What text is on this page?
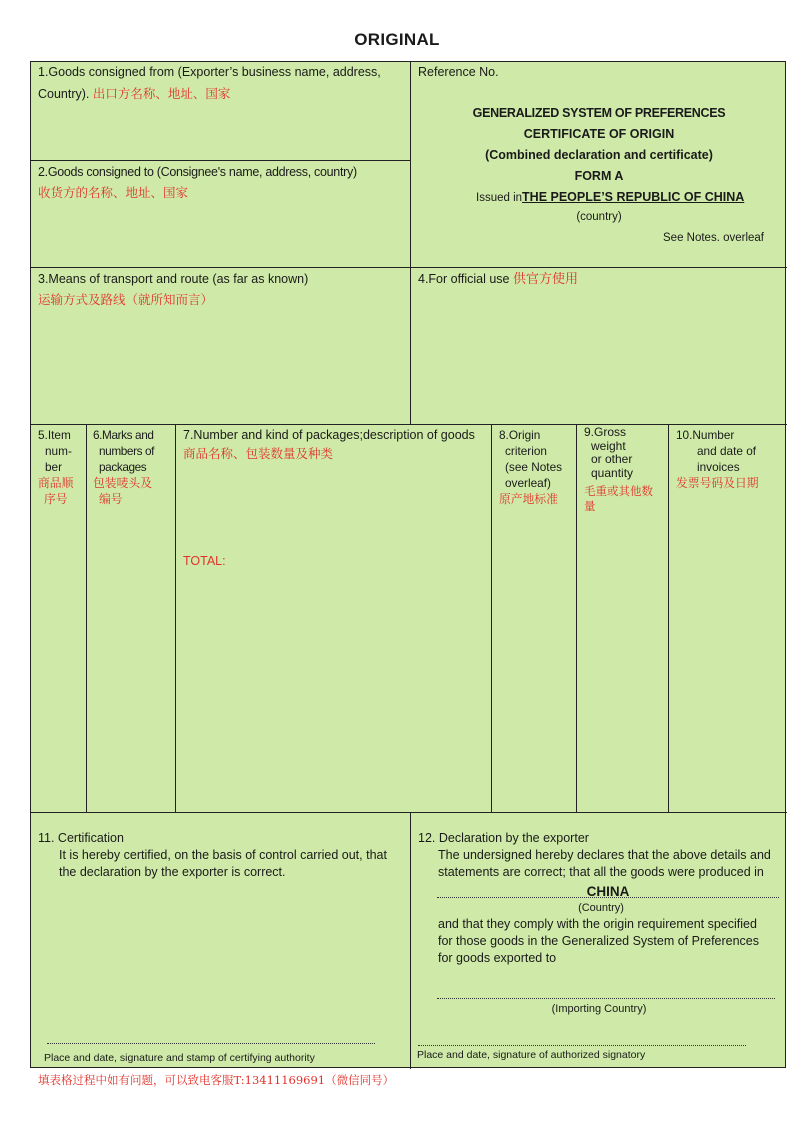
ORIGINAL
1.Goods consigned from (Exporter’s business name, address,
Country). 出口方名称、地址、国家
2.Goods consigned to (Consignee's name, address, country)
收货方的名称、地址、国家
Reference No.
GENERALIZED SYSTEM OF PREFERENCES
CERTIFICATE OF ORIGIN
(Combined declaration and certificate)
FORM A
Issued inTHE PEOPLE’S REPUBLIC OF CHINA
(country)
See Notes. overleaf
3.Means of transport and route (as far as known)
运输方式及路线（就所知而言）
4.For official use 供官方使用
5.Item
num-
ber
商品顺
序号
6.Marks and
numbers of
packages
包装唛头及
编号
7.Number and kind of packages;description of goods
商品名称、包装数量及种类
TOTAL:
8.Origin
criterion
(see Notes
overleaf)
原产地标准
9.Gross
weight
or other
quantity
毛重或其他数
量
10.Number
and date of
invoices
发票号码及日期
11. Certification
It is hereby certified, on the basis of control carried out, that
the declaration by the exporter is correct.
Place and date, signature and stamp of certifying authority
12. Declaration by the exporter
The undersigned hereby declares that the above details and
statements are correct; that all the goods were produced in
CHINA
(Country)
and that they comply with the origin requirement specified
for those goods in the Generalized System of Preferences
for goods exported to
(Importing Country)
Place and date, signature of authorized signatory
填表格过程中如有问题，可以致电客服T:13411169691（微信同号）
